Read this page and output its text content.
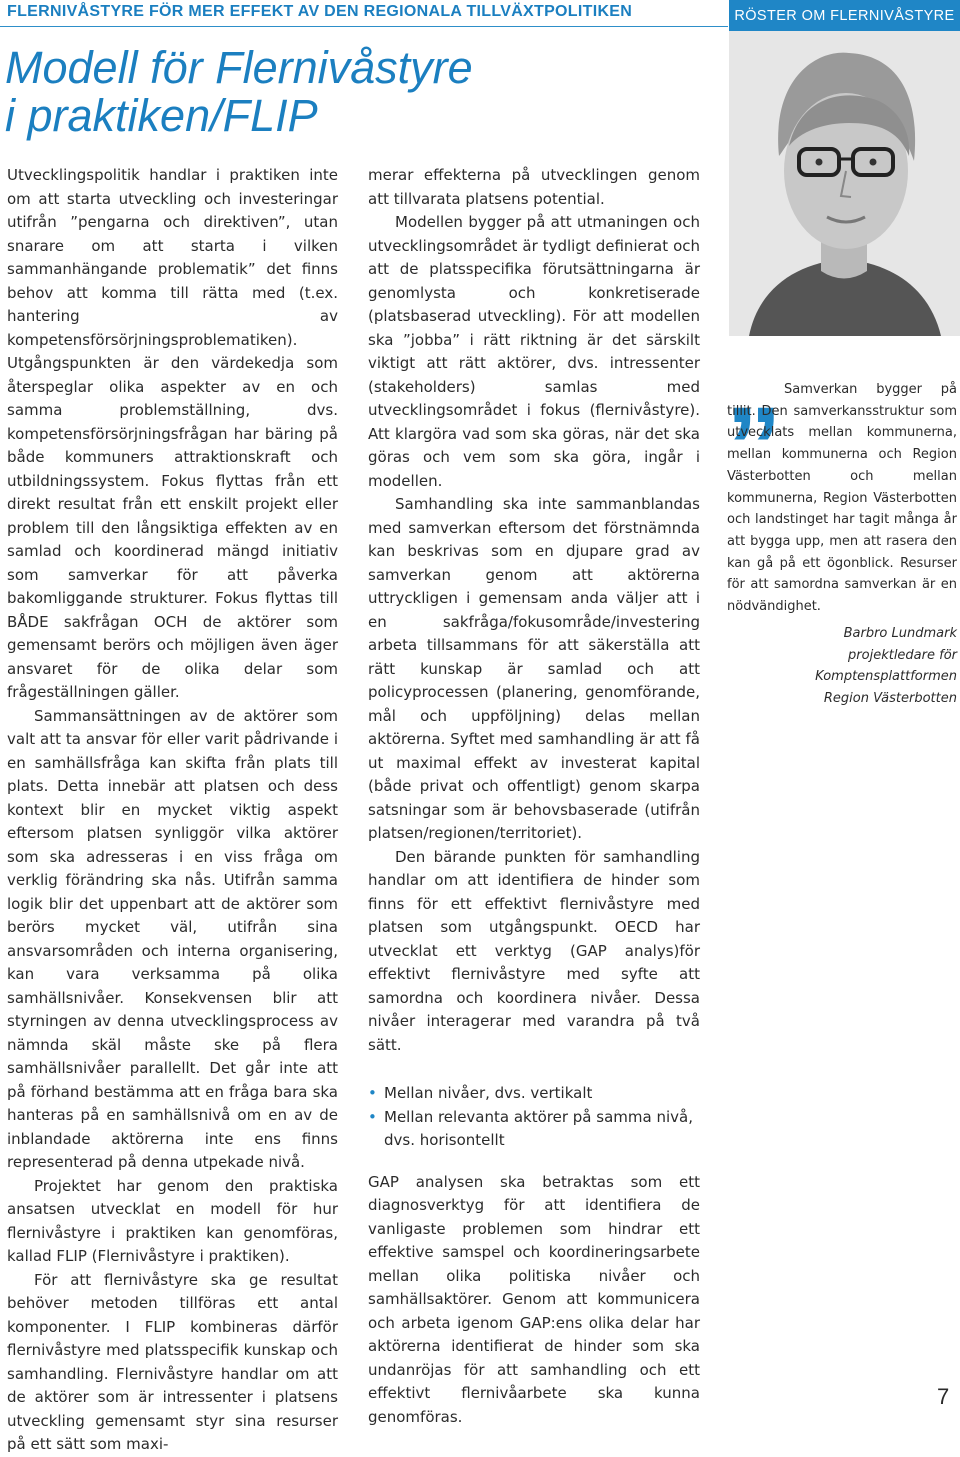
FLERNIVÅSTYRE FÖR MER EFFEKT AV DEN REGIONALA TILLVÄXTPOLITIKEN	RÖSTER OM FLERNIVÅSTYRE
Modell för Flernivåstyre
i praktiken/FLIP

Utvecklingspolitik handlar i praktiken inte om att starta utveckling och investeringar utifrån ”pengarna och direktiven”, utan snarare om att starta i vilken sammanhängande problematik” det finns behov att komma till rätta med (t.ex. hantering av kompetensförsörjningsproblematiken). Utgångspunkten är den värdekedja som återspeglar olika aspekter av en och samma problemställning, dvs. kompetensförsörjningsfrågan har bäring på både kommuners attraktionskraft och utbildningssystem. Fokus flyttas från ett direkt resultat från ett enskilt projekt eller problem till den långsiktiga effekten av en samlad och koordinerad mängd initiativ som samverkar för att påverka bakomliggande strukturer. Fokus flyttas till BÅDE sakfrågan OCH de aktörer som gemensamt berörs och möjligen även äger ansvaret för de olika delar som frågeställningen gäller.

Sammansättningen av de aktörer som valt att ta ansvar för eller varit pådrivande i en samhällsfråga kan skifta från plats till plats. Detta innebär att platsen och dess kontext blir en mycket viktig aspekt eftersom platsen synliggör vilka aktörer som ska adresseras i en viss fråga om verklig förändring ska nås. Utifrån samma logik blir det uppenbart att de aktörer som berörs mycket väl, utifrån sina ansvarsområden och interna organisering, kan vara verksamma på olika samhällsnivåer. Konsekvensen blir att styrningen av denna utvecklingsprocess av nämnda skäl måste ske på flera samhällsnivåer parallellt. Det går inte att på förhand bestämma att en fråga bara ska hanteras på en samhällsnivå om en av de inblandade aktörerna inte ens finns representerad på denna utpekade nivå.

Projektet har genom den praktiska ansatsen utvecklat en modell för hur flernivåstyre i praktiken kan genomföras, kallad FLIP (Flernivåstyre i praktiken).

För att flernivåstyre ska ge resultat behöver metoden tillföras ett antal komponenter. I FLIP kombineras därför flernivåstyre med platsspecifik kunskap och samhandling. Flernivåstyre handlar om att de aktörer som är intressenter i platsens utveckling gemensamt styr sina resurser på ett sätt som maxi-

merar effekterna på utvecklingen genom att tillvarata platsens potential.

Modellen bygger på att utmaningen och utvecklingsområdet är tydligt definierat och att de platsspecifika förutsättningarna är genomlysta och konkretiserade (platsbaserad utveckling). För att modellen ska ”jobba” i rätt riktning är det särskilt viktigt att rätt aktörer, dvs. intressenter (stakeholders) samlas med utvecklingsområdet i fokus (flernivåstyre). Att klargöra vad som ska göras, när det ska göras och vem som ska göra, ingår i modellen.

Samhandling ska inte sammanblandas med samverkan eftersom det förstnämnda kan beskrivas som en djupare grad av samverkan genom att aktörerna uttryckligen i gemensam anda väljer att i en sakfråga/fokusområde/investering arbeta tillsammans för att säkerställa att rätt kunskap är samlad och att policyprocessen (planering, genomförande, mål och uppföljning) delas mellan aktörerna. Syftet med samhandling är att få ut maximal effekt av investerat kapital (både privat och offentligt) genom skarpa satsningar som är behovsbaserade (utifrån platsen/regionen/territoriet).

Den bärande punkten för samhandling handlar om att identifiera de hinder som finns för ett effektivt flernivåstyre med platsen som utgångspunkt. OECD har utvecklat ett verktyg (GAP analys)för effektivt flernivåstyre med syfte att samordna och koordinera nivåer. Dessa nivåer interagerar med varandra på två sätt.

• Mellan nivåer, dvs. vertikalt
• Mellan relevanta aktörer på samma nivå, dvs. horisontellt

GAP analysen ska betraktas som ett diagnosverktyg för att identifiera de vanligaste problemen som hindrar ett effektive samspel och koordineringsarbete mellan olika politiska nivåer och samhällsaktörer. Genom att kommunicera och arbeta igenom GAP:ens olika delar har aktörerna identifierat de hinder som ska undanröjas för att samhandling och ett effektivt flernivåarbete ska kunna genomföras.

„ Samverkan bygger på tillit. Den samverkansstruktur som utvecklats mellan kommunerna, mellan kommunerna och Region Västerbotten och mellan kommunerna, Region Västerbotten och landstinget har tagit många år att bygga upp, men att rasera den kan gå på ett ögonblick. Resurser för att samordna samverkan är en nödvändighet.

Barbro Lundmark
projektledare för
Komptensplattformen
Region Västerbotten
7
